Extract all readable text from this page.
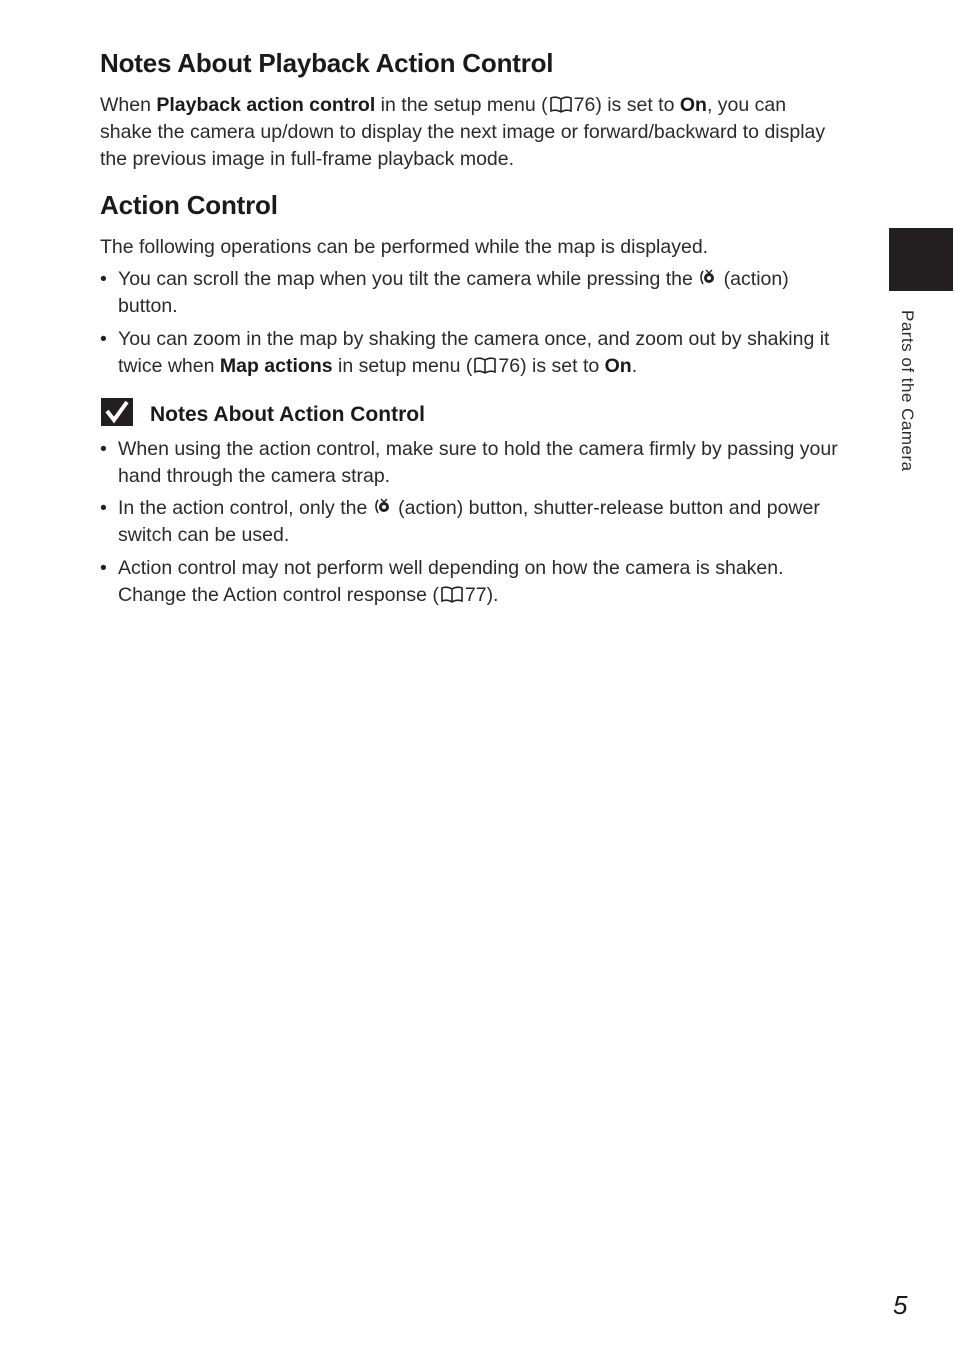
Notes About Playback Action Control

When Playback action control in the setup menu ( 76) is set to On, you can shake the camera up/down to display the next image or forward/backward to display the previous image in full-frame playback mode.

Action Control

The following operations can be performed while the map is displayed.

• You can scroll the map when you tilt the camera while pressing the  (action) button.
• You can zoom in the map by shaking the camera once, and zoom out by shaking it twice when Map actions in setup menu ( 76) is set to On.
Notes About Action Control
• When using the action control, make sure to hold the camera firmly by passing your hand through the camera strap.
• In the action control, only the  (action) button, shutter-release button and power switch can be used.
• Action control may not perform well depending on how the camera is shaken. Change the Action control response ( 77).
Parts of the Camera
5
